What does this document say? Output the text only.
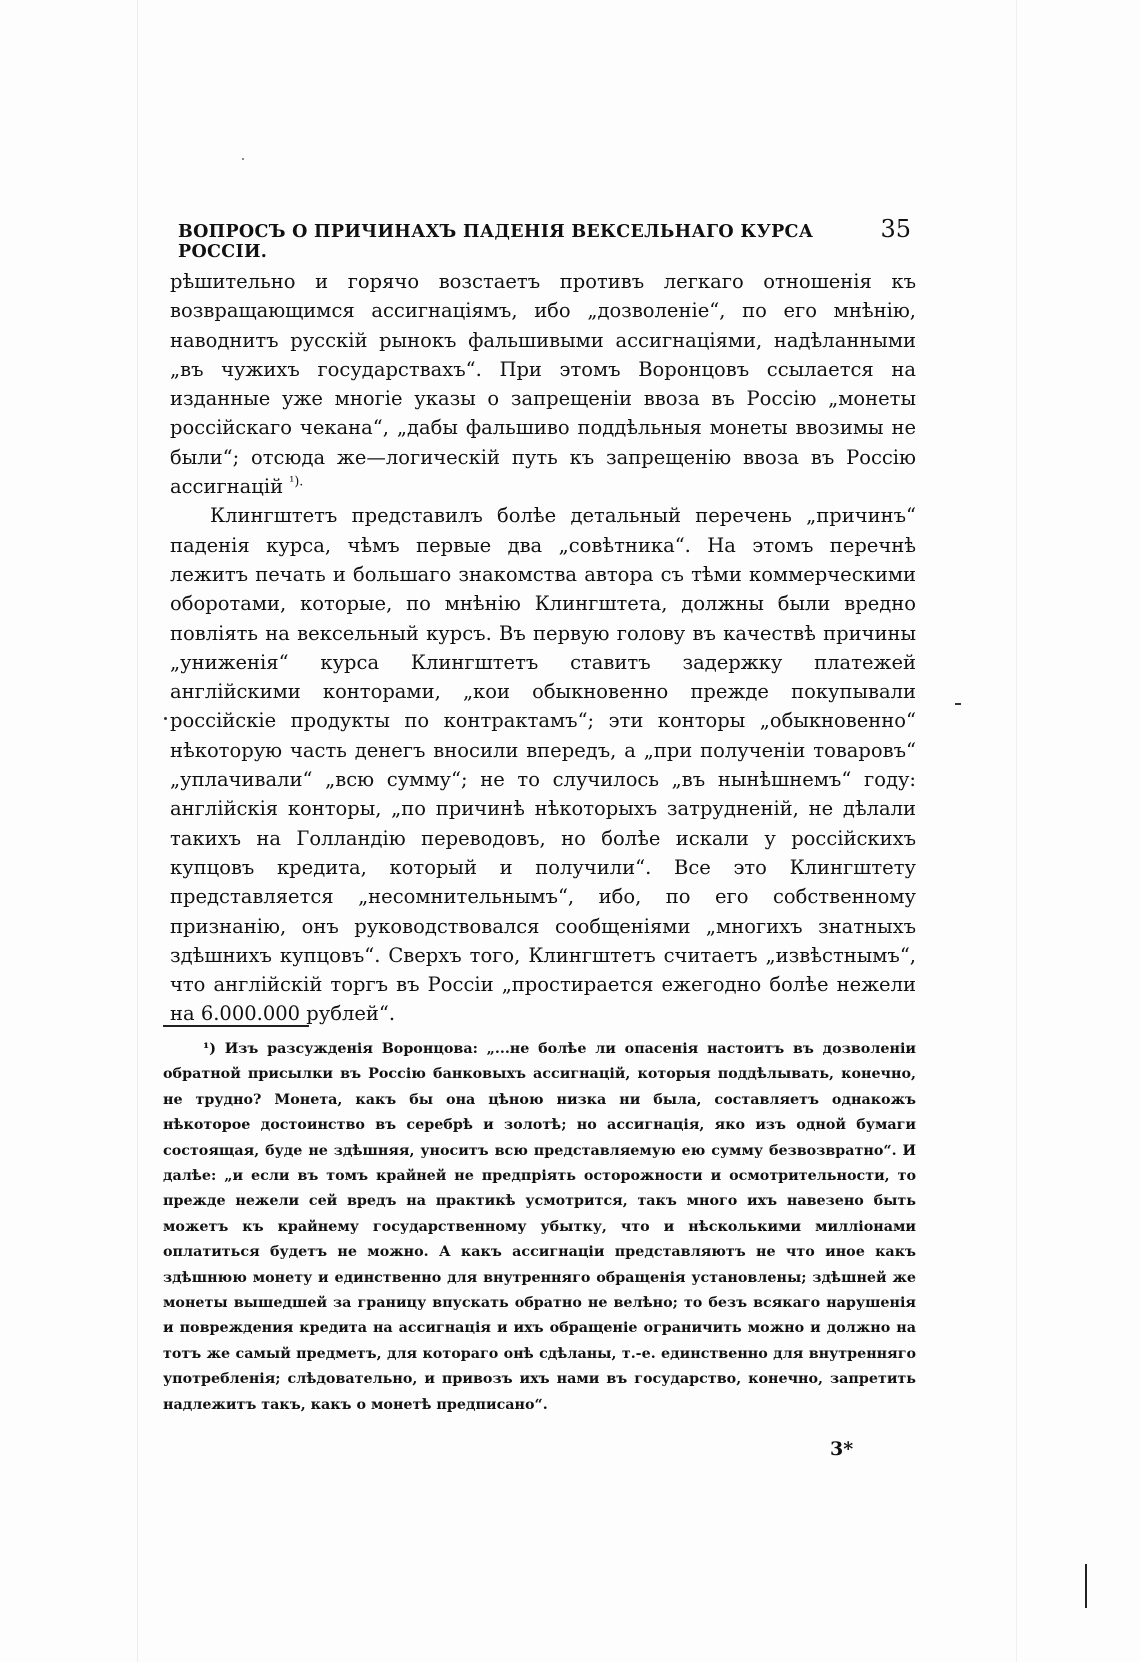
ВОПРОСЪ О ПРИЧИНАХЪ ПАДЕНІЯ ВЕКСЕЛЬНАГО КУРСА РОССІИ.
35

рѣшительно и горячо возстаетъ противъ легкаго отношенія къ возвращающимся ассигнаціямъ, ибо „дозволеніе“, по его мнѣнію, наводнитъ русскій рынокъ фальшивыми ассигнаціями, надѣланными „въ чужихъ государствахъ“. При этомъ Воронцовъ ссылается на изданные уже многіе указы о запрещеніи ввоза въ Россію „монеты россійскаго чекана“, „дабы фальшиво поддѣльныя монеты ввозимы не были“; отсюда же—логическій путь къ запрещенію ввоза въ Россію ассигнацій $^{^1).}$

Клингштетъ представилъ болѣе детальный перечень „причинъ“ паденія курса, чѣмъ первые два „совѣтника“. На этомъ перечнѣ лежитъ печать и большаго знакомства автора съ тѣми коммерческими оборотами, которые, по мнѣнію Клингштета, должны были вредно повліять на вексельный курсъ. Въ первую голову въ качествѣ причины „униженія“ курса Клингштетъ ставитъ задержку платежей англійскими конторами, „кои обыкновенно прежде покупывали россійскіе продукты по контрактамъ“; эти конторы „обыкновенно“ нѣкоторую часть денегъ вносили впередъ, а „при полученіи товаровъ“ „уплачивали“ „всю сумму“; не то случилось „въ нынѣшнемъ“ году: англійскія конторы, „по причинѣ нѣкоторыхъ затрудненій, не дѣлали такихъ на Голландію переводовъ, но болѣе искали у россійскихъ купцовъ кредита, который и получили“. Все это Клингштету представляется „несомнительнымъ“, ибо, по его собственному признанію, онъ руководствовался сообщеніями „многихъ знатныхъ здѣшнихъ купцовъ“. Сверхъ того, Клингштетъ считаетъ „извѣстнымъ“, что англійскій торгъ въ Россіи „простирается ежегодно болѣе нежели на 6.000.000 рублей“.

¹) Изъ разсужденія Воронцова: „...не болѣе ли опасенія настоитъ въ дозволеніи обратной присылки въ Россію банковыхъ ассигнацій, которыя поддѣлывать, конечно, не трудно? Монета, какъ бы она цѣною низка ни была, составляетъ однакожъ нѣкоторое достоинство въ серебрѣ и золотѣ; но ассигнація, яко изъ одной бумаги состоящая, буде не здѣшняя, уноситъ всю представляемую ею сумму безвозвратно“. И далѣе: „и если въ томъ крайней не предпріять осторожности и осмотрительности, то прежде нежели сей вредъ на практикѣ усмотрится, такъ много ихъ навезено быть можетъ къ крайнему государственному убытку, что и нѣсколькими милліонами оплатиться будетъ не можно. А какъ ассигнаціи представляютъ не что иное какъ здѣшнюю монету и единственно для внутренняго обращенія установлены; здѣшней же монеты вышедшей за границу впускать обратно не велѣно; то безъ всякаго нарушенія и повреждения кредита на ассигнація и ихъ обращеніе ограничить можно и должно на тотъ же самый предметъ, для котораго онѣ сдѣланы, т.-е. единственно для внутренняго употребленія; слѣдовательно, и привозъ ихъ нами въ государство, конечно, запретить надлежитъ такъ, какъ о монетѣ предписано“.

3*
